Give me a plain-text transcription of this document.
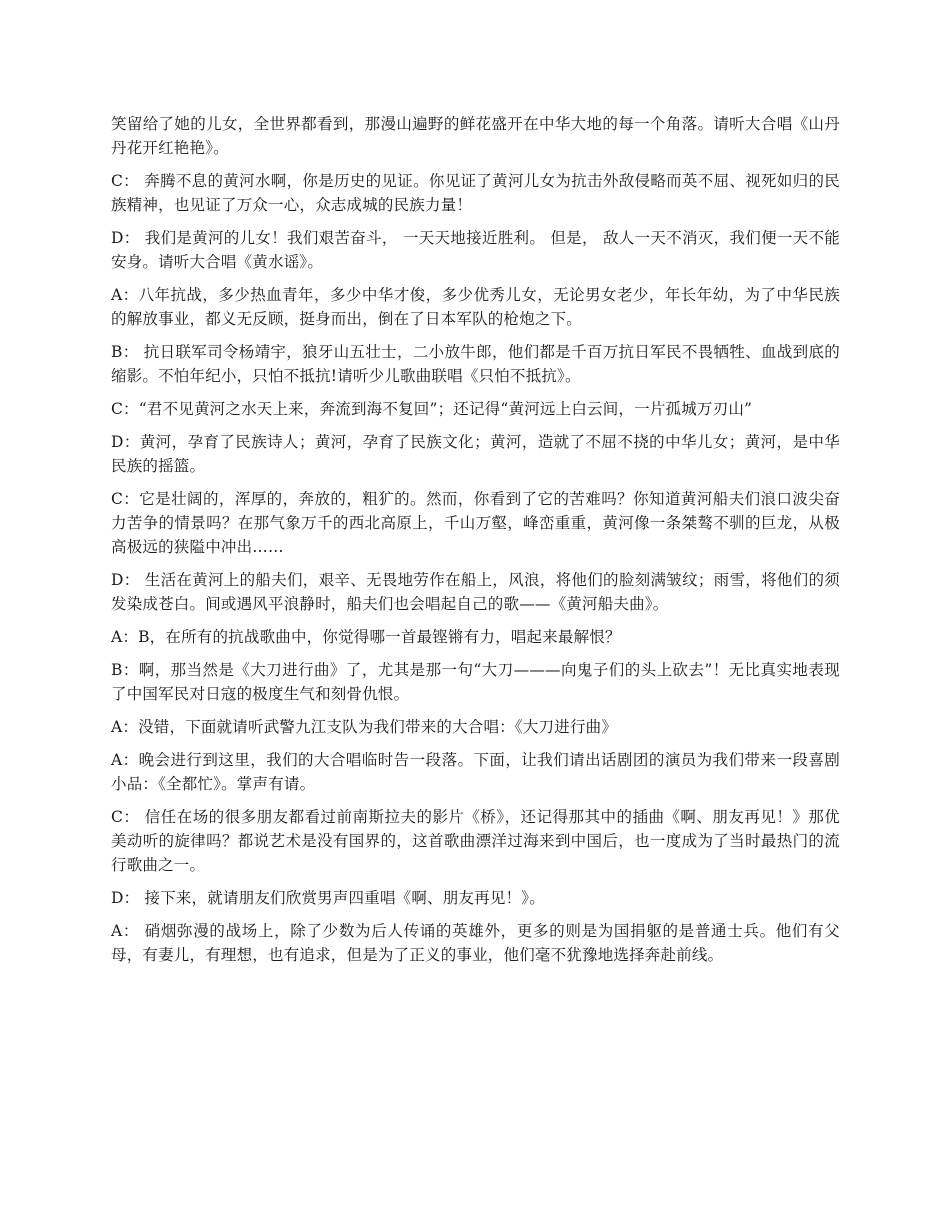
笑留给了她的儿女，全世界都看到，那漫山遍野的鲜花盛开在中华大地的每一个角落。请听大合唱《山丹丹花开红艳艳》。

C： 奔腾不息的黄河水啊，你是历史的见证。你见证了黄河儿女为抗击外敌侵略而英不屈、视死如归的民族精神，也见证了万众一心，众志成城的民族力量！

D： 我们是黄河的儿女！我们艰苦奋斗， 一天天地接近胜利。 但是， 敌人一天不消灭，我们便一天不能安身。请听大合唱《黄水谣》。

A：八年抗战，多少热血青年，多少中华才俊，多少优秀儿女，无论男女老少，年长年幼，为了中华民族的解放事业，都义无反顾，挺身而出，倒在了日本军队的枪炮之下。

B： 抗日联军司令杨靖宇，狼牙山五壮士，二小放牛郎，他们都是千百万抗日军民不畏牺牲、血战到底的缩影。不怕年纪小，只怕不抵抗!请听少儿歌曲联唱《只怕不抵抗》。

C：“君不见黄河之水天上来，奔流到海不复回”；还记得“黄河远上白云间，一片孤城万刃山”

D：黄河，孕育了民族诗人；黄河，孕育了民族文化；黄河，造就了不屈不挠的中华儿女；黄河，是中华民族的摇篮。

C：它是壮阔的，浑厚的，奔放的，粗犷的。然而，你看到了它的苦难吗？你知道黄河船夫们浪口波尖奋力苦争的情景吗？在那气象万千的西北高原上，千山万壑，峰峦重重，黄河像一条桀骜不驯的巨龙，从极高极远的狭隘中冲出……

D： 生活在黄河上的船夫们，艰辛、无畏地劳作在船上，风浪，将他们的脸刻满皱纹；雨雪，将他们的须发染成苍白。间或遇风平浪静时，船夫们也会唱起自己的歌——《黄河船夫曲》。

A：B，在所有的抗战歌曲中，你觉得哪一首最铿锵有力，唱起来最解恨？

B：啊，那当然是《大刀进行曲》了，尤其是那一句“大刀———向鬼子们的头上砍去”！无比真实地表现了中国军民对日寇的极度生气和刻骨仇恨。

A：没错，下面就请听武警九江支队为我们带来的大合唱：《大刀进行曲》

A：晚会进行到这里，我们的大合唱临时告一段落。下面，让我们请出话剧团的演员为我们带来一段喜剧小品：《全都忙》。掌声有请。

C： 信任在场的很多朋友都看过前南斯拉夫的影片《桥》，还记得那其中的插曲《啊、朋友再见！》那优美动听的旋律吗？都说艺术是没有国界的，这首歌曲漂洋过海来到中国后，也一度成为了当时最热门的流行歌曲之一。

D： 接下来，就请朋友们欣赏男声四重唱《啊、朋友再见！》。

A： 硝烟弥漫的战场上，除了少数为后人传诵的英雄外，更多的则是为国捐躯的是普通士兵。他们有父母，有妻儿，有理想，也有追求，但是为了正义的事业，他们毫不犹豫地选择奔赴前线。
